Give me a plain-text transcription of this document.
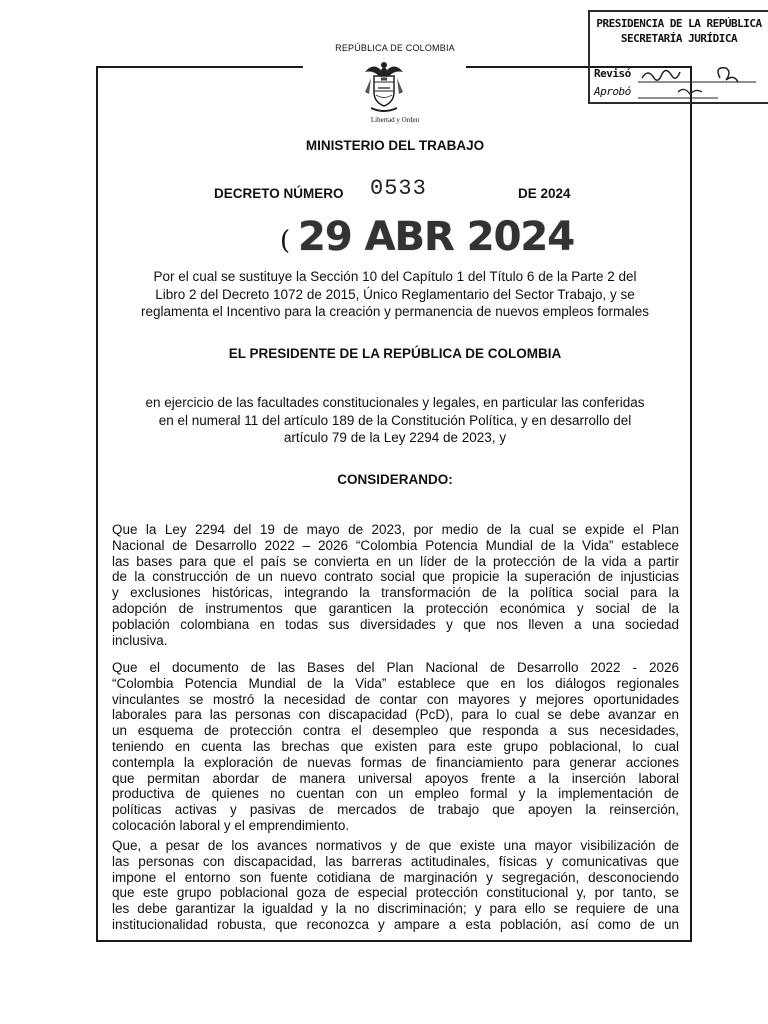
REPÚBLICA DE COLOMBIA
Libertad y Orden
PRESIDENCIA DE LA REPÚBLICA
SECRETARÍA JURÍDICA
Revisó
Aprobó
MINISTERIO DEL TRABAJO
DECRETO NÚMERO 0533	DE 2024
( 29 ABR 2024
Por el cual se sustituye la Sección 10 del Capítulo 1 del Título 6 de la Parte 2 del
Libro 2 del Decreto 1072 de 2015, Único Reglamentario del Sector Trabajo, y se
reglamenta el Incentivo para la creación y permanencia de nuevos empleos formales
EL PRESIDENTE DE LA REPÚBLICA DE COLOMBIA
en ejercicio de las facultades constitucionales y legales, en particular las conferidas
en el numeral 11 del artículo 189 de la Constitución Política, y en desarrollo del
artículo 79 de la Ley 2294 de 2023, y
CONSIDERANDO:
Que la Ley 2294 del 19 de mayo de 2023, por medio de la cual se expide el Plan
Nacional de Desarrollo 2022 – 2026 “Colombia Potencia Mundial de la Vida” establece
las bases para que el país se convierta en un líder de la protección de la vida a partir
de la construcción de un nuevo contrato social que propicie la superación de injusticias
y exclusiones históricas, integrando la transformación de la política social para la
adopción de instrumentos que garanticen la protección económica y social de la
población colombiana en todas sus diversidades y que nos lleven a una sociedad
inclusiva.
Que el documento de las Bases del Plan Nacional de Desarrollo 2022 - 2026
“Colombia Potencia Mundial de la Vida” establece que en los diálogos regionales
vinculantes se mostró la necesidad de contar con mayores y mejores oportunidades
laborales para las personas con discapacidad (PcD), para lo cual se debe avanzar en
un esquema de protección contra el desempleo que responda a sus necesidades,
teniendo en cuenta las brechas que existen para este grupo poblacional, lo cual
contempla la exploración de nuevas formas de financiamiento para generar acciones
que permitan abordar de manera universal apoyos frente a la inserción laboral
productiva de quienes no cuentan con un empleo formal y la implementación de
políticas activas y pasivas de mercados de trabajo que apoyen la reinserción,
colocación laboral y el emprendimiento.
Que, a pesar de los avances normativos y de que existe una mayor visibilización de
las personas con discapacidad, las barreras actitudinales, físicas y comunicativas que
impone el entorno son fuente cotidiana de marginación y segregación, desconociendo
que este grupo poblacional goza de especial protección constitucional y, por tanto, se
les debe garantizar la igualdad y la no discriminación; y para ello se requiere de una
institucionalidad robusta, que reconozca y ampare a esta población, así como de un
